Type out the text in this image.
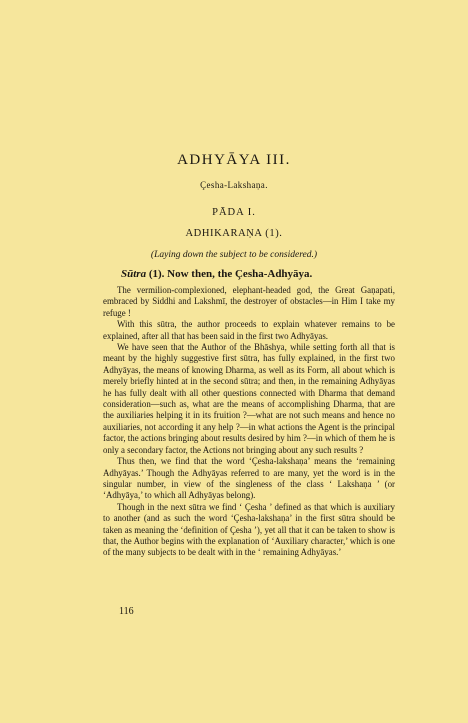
ADHYĀYA III.
Çesha-Lakshaṇa.
PĀDA I.
ADHIKARAṆA (1).
(Laying down the subject to be considered.)
Sūtra (1). Now then, the Çesha-Adhyāya.

The vermilion-complexioned, elephant-headed god, the Great Gaṇapati, embraced by Siddhi and Lakshmī, the destroyer of obstacles—in Him I take my refuge !

With this sūtra, the author proceeds to explain whatever remains to be explained, after all that has been said in the first two Adhyāyas.

We have seen that the Author of the Bhāshya, while setting forth all that is meant by the highly suggestive first sūtra, has fully explained, in the first two Adhyāyas, the means of knowing Dharma, as well as its Form, all about which is merely briefly hinted at in the second sūtra; and then, in the remaining Adhyāyas he has fully dealt with all other questions connected with Dharma that demand consideration—such as, what are the means of accomplishing Dharma, that are the auxiliaries helping it in its fruition ?—what are not such means and hence no auxiliaries, not according it any help ?—in what actions the Agent is the principal factor, the actions bringing about results desired by him ?—in which of them he is only a secondary factor, the Actions not bringing about any such results ?

Thus then, we find that the word ‘Çesha-lakshaṇa’ means the ‘remaining Adhyāyas.’ Though the Adhyāyas referred to are many, yet the word is in the singular number, in view of the singleness of the class ‘ Lakshaṇa ’ (or ‘Adhyāya,’ to which all Adhyāyas belong).

Though in the next sūtra we find ‘ Çesha ’ defined as that which is auxiliary to another (and as such the word ‘Çesha-lakshaṇa’ in the first sūtra should be taken as meaning the ‘definition of Çesha ’), yet all that it can be taken to show is that, the Author begins with the explanation of ‘Auxiliary character,’ which is one of the many subjects to be dealt with in the ‘ remaining Adhyāyas.’

116
